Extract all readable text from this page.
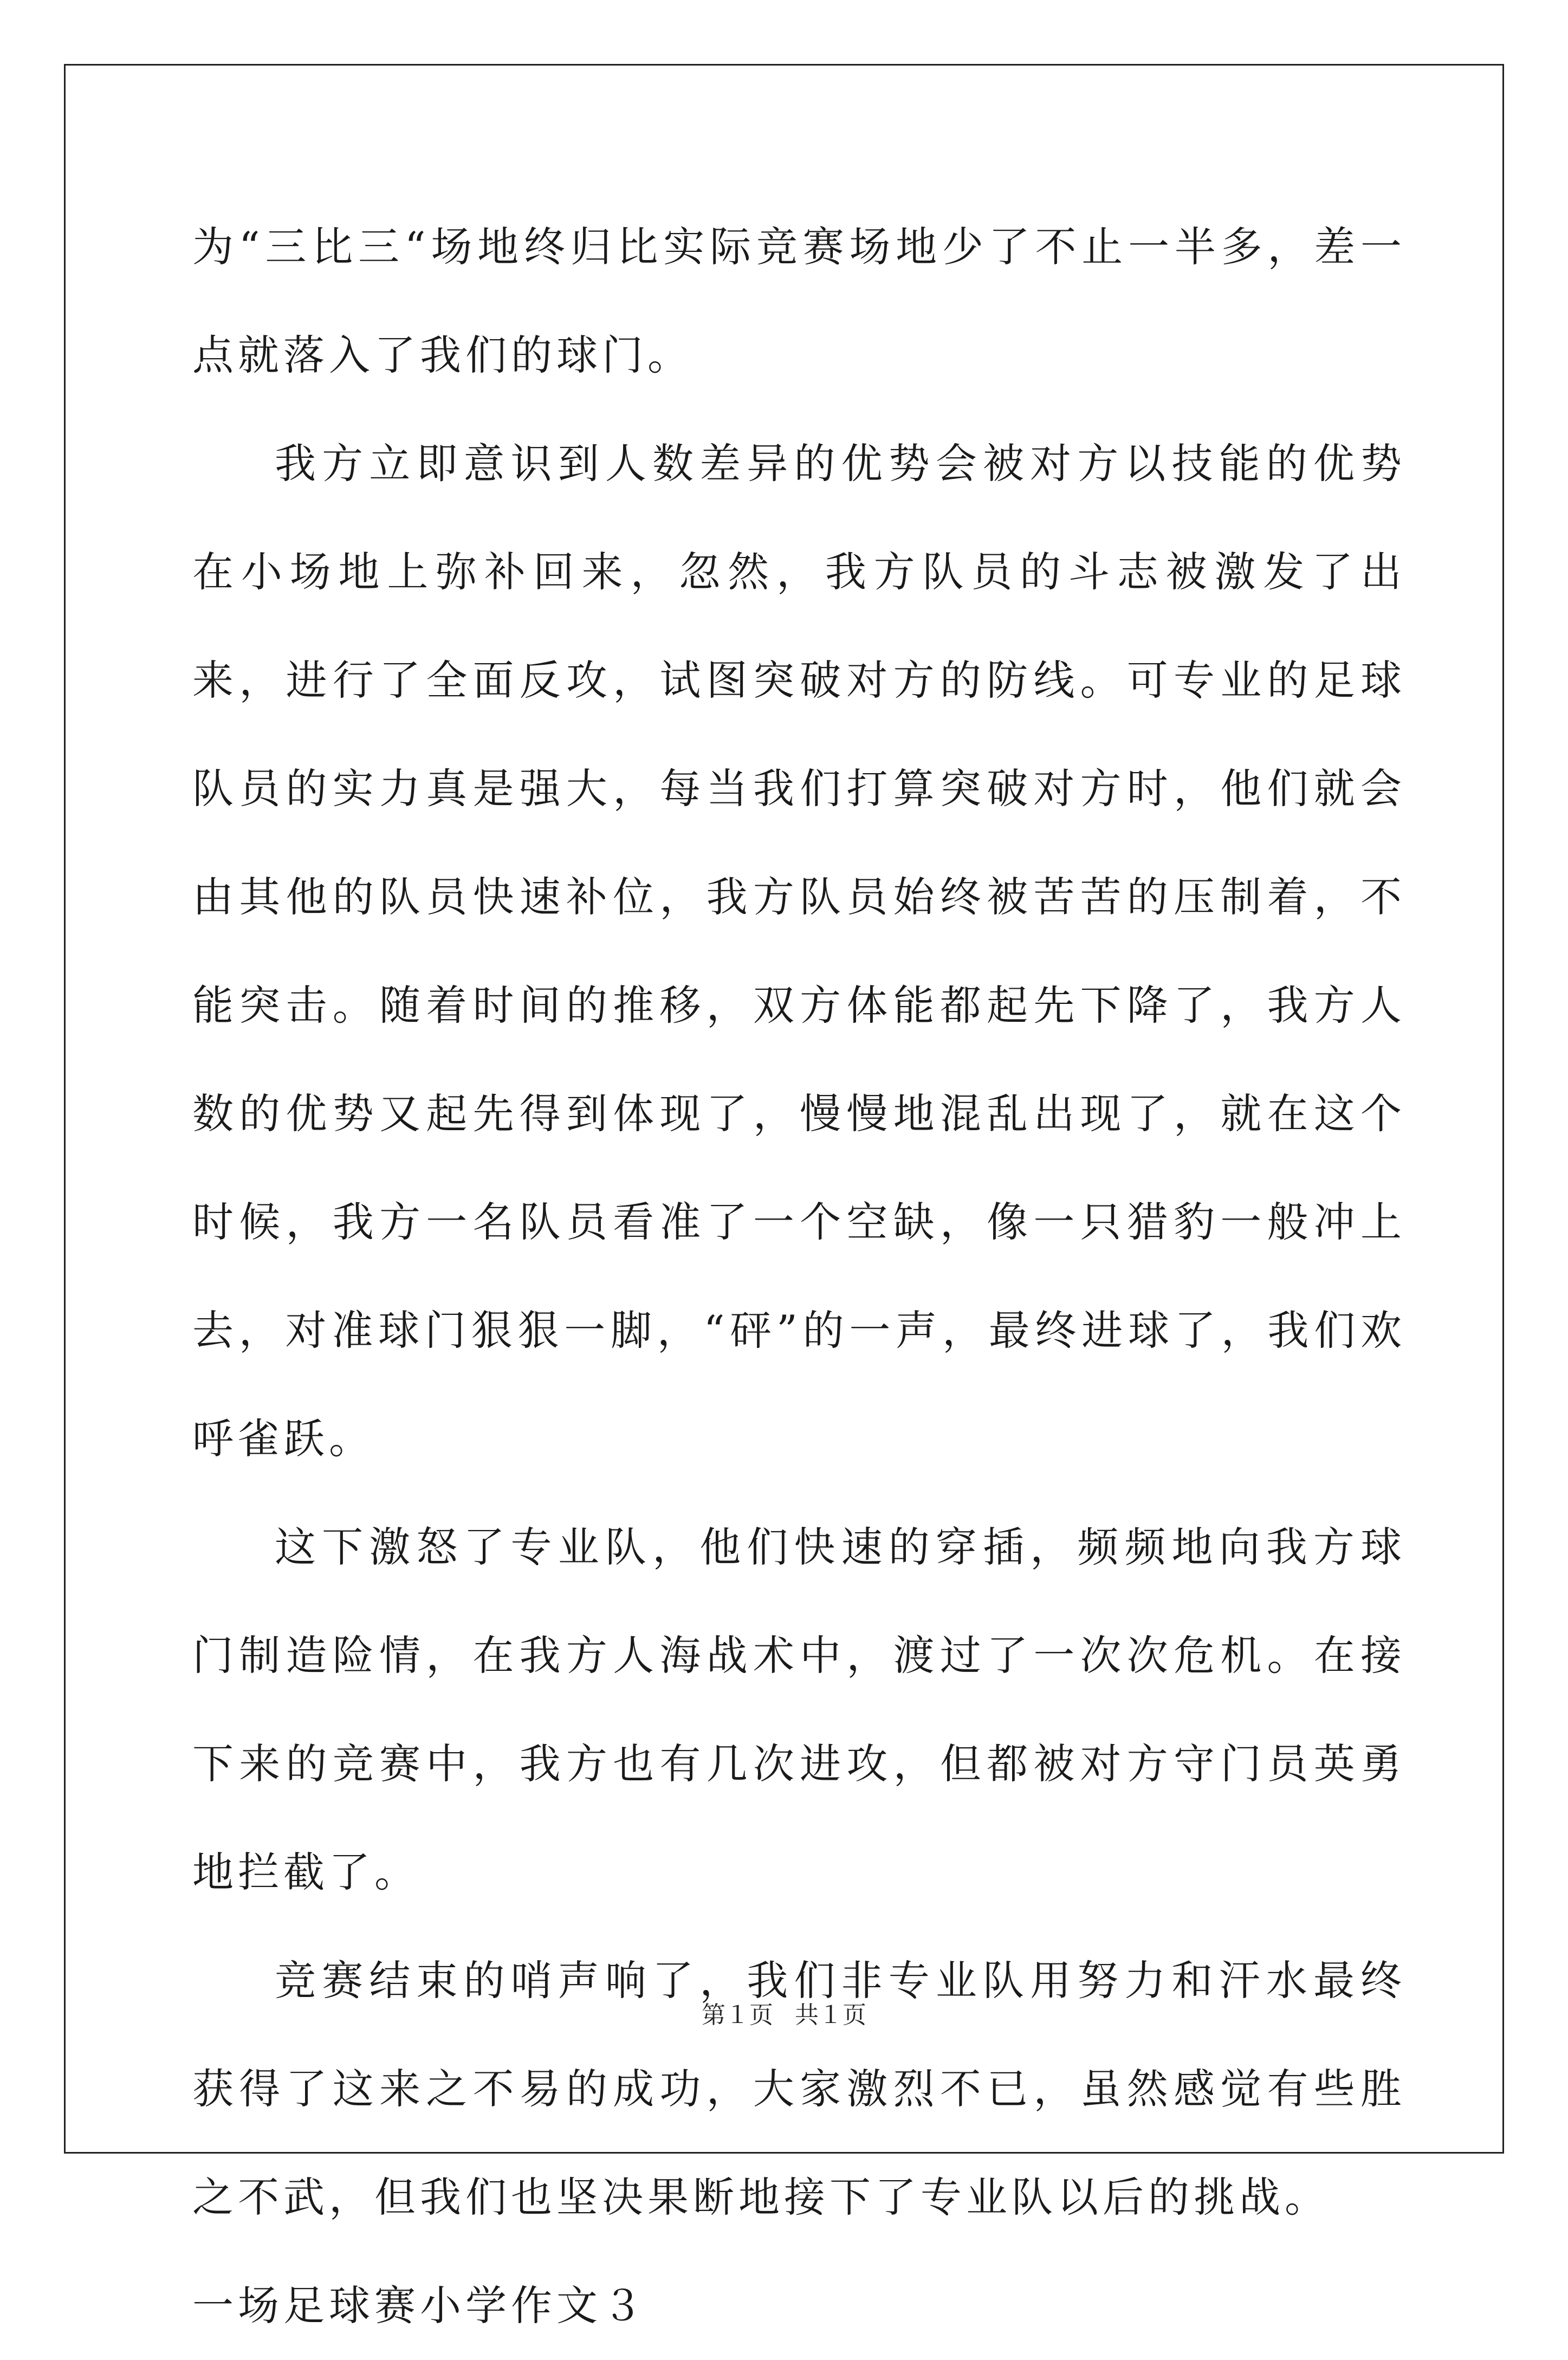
为“三比三“场地终归比实际竞赛场地少了不止一半多，差一点就落入了我们的球门。

我方立即意识到人数差异的优势会被对方以技能的优势在小场地上弥补回来，忽然，我方队员的斗志被激发了出来，进行了全面反攻，试图突破对方的防线。可专业的足球队员的实力真是强大，每当我们打算突破对方时，他们就会由其他的队员快速补位，我方队员始终被苦苦的压制着，不能突击。随着时间的推移，双方体能都起先下降了，我方人数的优势又起先得到体现了，慢慢地混乱出现了，就在这个时候，我方一名队员看准了一个空缺，像一只猎豹一般冲上去，对准球门狠狠一脚，“砰”的一声，最终进球了，我们欢呼雀跃。

这下激怒了专业队，他们快速的穿插，频频地向我方球门制造险情，在我方人海战术中，渡过了一次次危机。在接下来的竞赛中，我方也有几次进攻，但都被对方守门员英勇地拦截了。

竞赛结束的哨声响了，我们非专业队用努力和汗水最终获得了这来之不易的成功，大家激烈不已，虽然感觉有些胜之不武，但我们也坚决果断地接下了专业队以后的挑战。

一场足球赛小学作文３

第１页 共１页
